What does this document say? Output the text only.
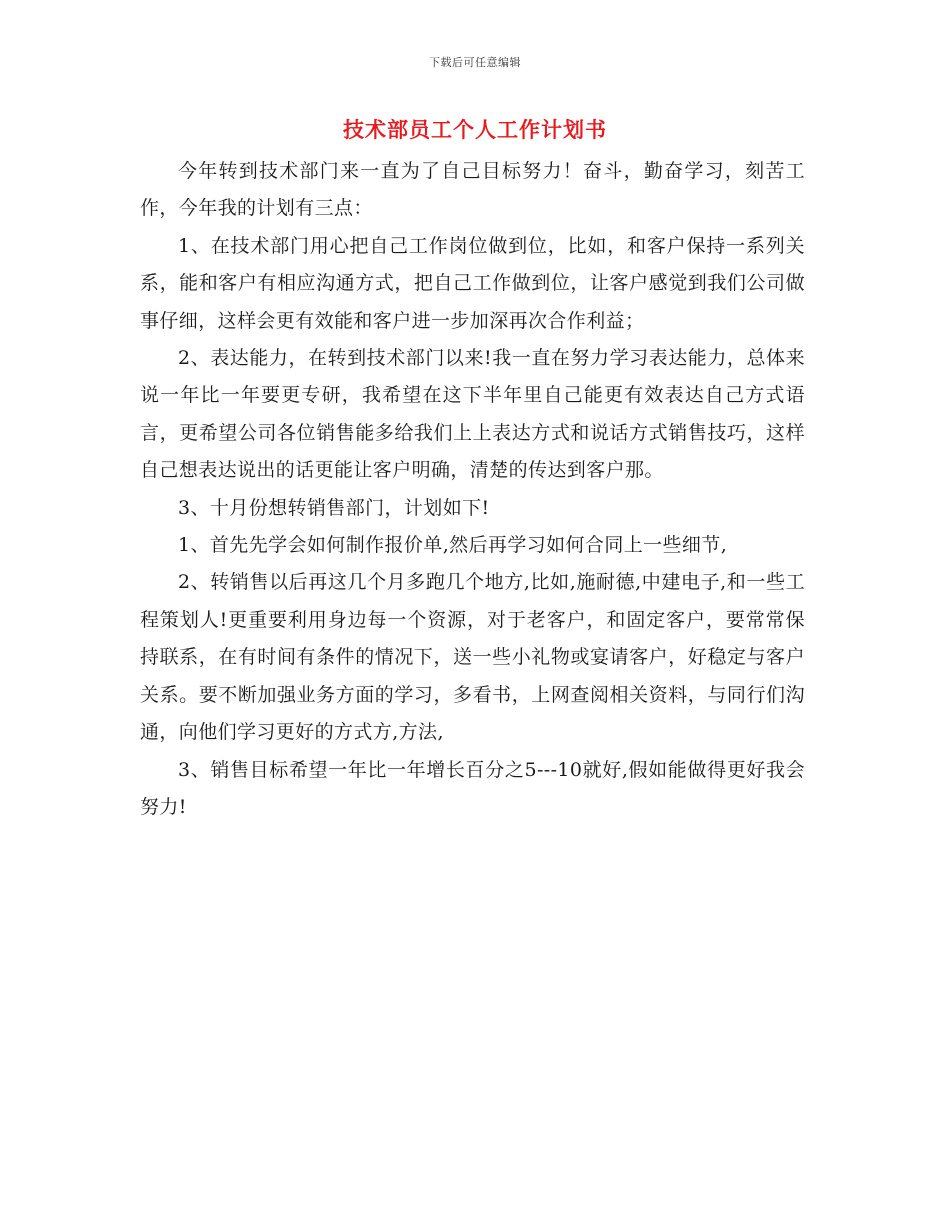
下载后可任意编辑
技术部员工个人工作计划书

今年转到技术部门来一直为了自己目标努力！奋斗，勤奋学习，刻苦工作，今年我的计划有三点：

1、在技术部门用心把自己工作岗位做到位，比如，和客户保持一系列关系，能和客户有相应沟通方式，把自己工作做到位，让客户感觉到我们公司做事仔细，这样会更有效能和客户进一步加深再次合作利益；

2、表达能力，在转到技术部门以来!我一直在努力学习表达能力，总体来说一年比一年要更专研，我希望在这下半年里自己能更有效表达自己方式语言，更希望公司各位销售能多给我们上上表达方式和说话方式销售技巧，这样自己想表达说出的话更能让客户明确，清楚的传达到客户那。

3、十月份想转销售部门，计划如下!

1、首先先学会如何制作报价单,然后再学习如何合同上一些细节,

2、转销售以后再这几个月多跑几个地方,比如,施耐德,中建电子,和一些工程策划人!更重要利用身边每一个资源，对于老客户，和固定客户，要常常保持联系，在有时间有条件的情况下，送一些小礼物或宴请客户，好稳定与客户关系。要不断加强业务方面的学习，多看书，上网查阅相关资料，与同行们沟通，向他们学习更好的方式方,方法,

3、销售目标希望一年比一年增长百分之5---10就好,假如能做得更好我会努力!
